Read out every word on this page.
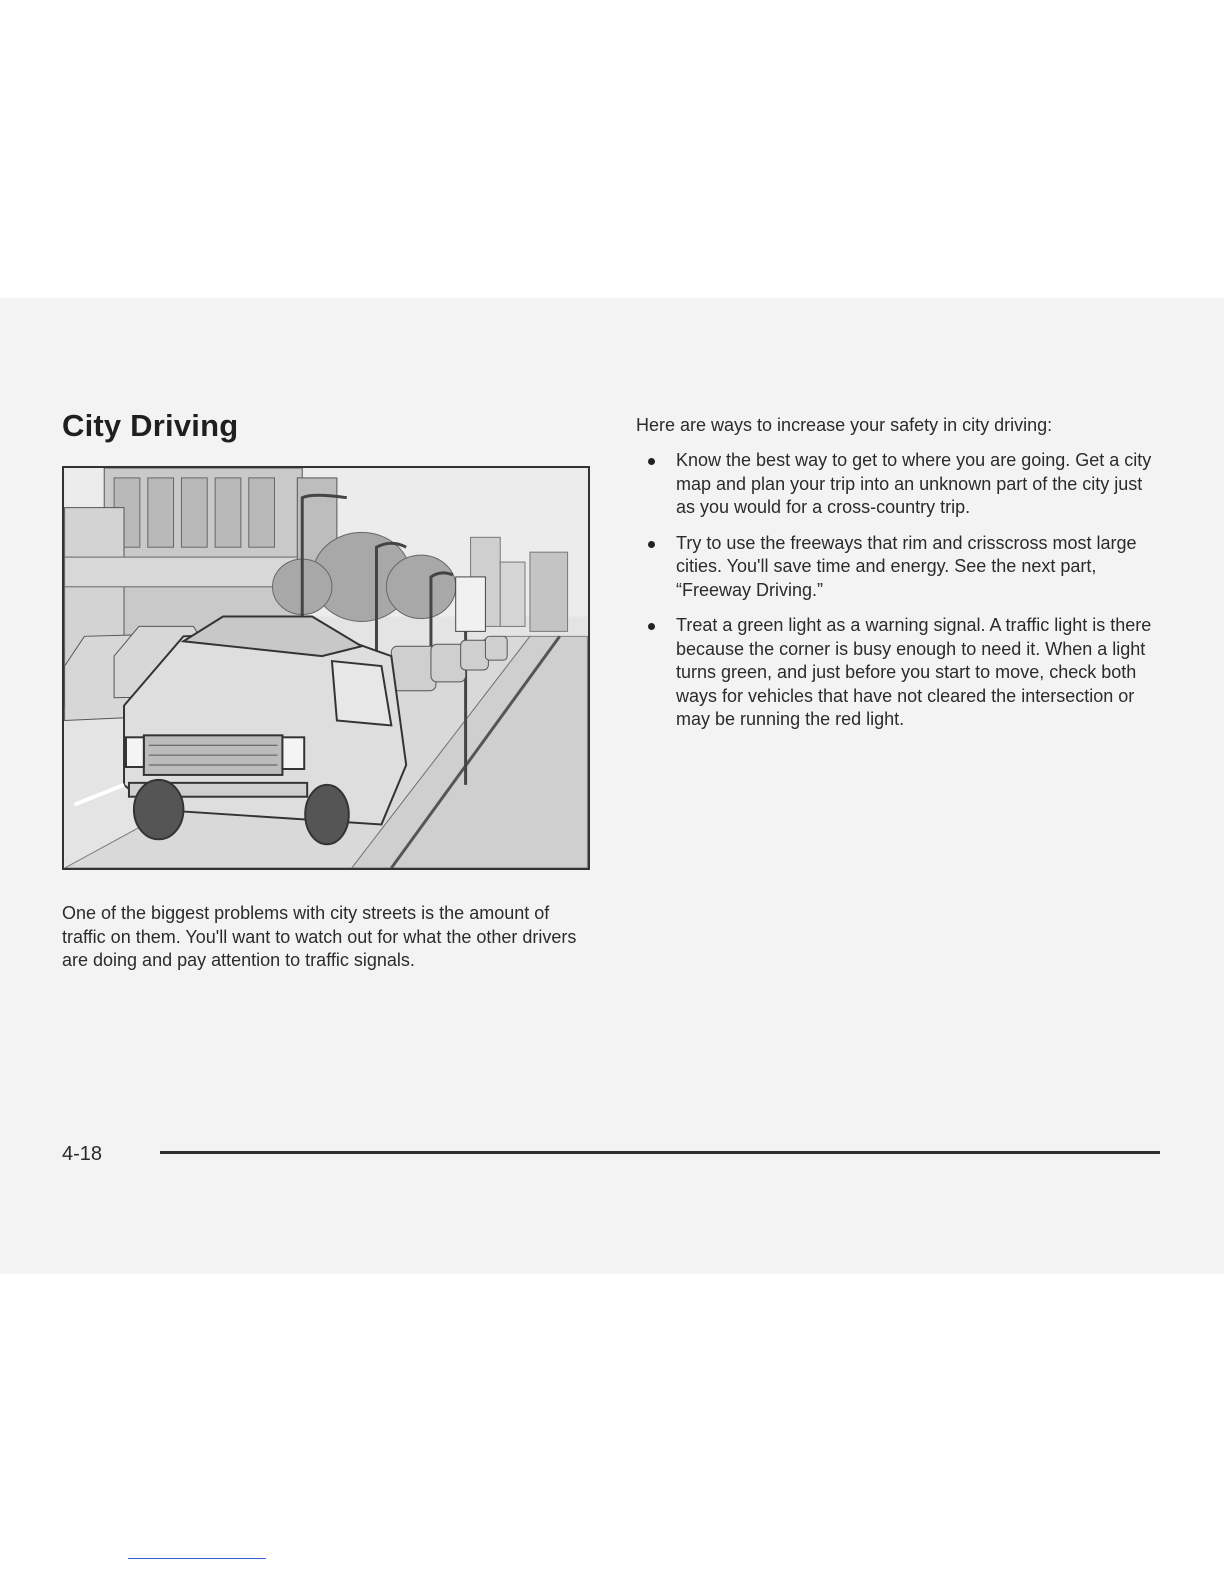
City Driving

One of the biggest problems with city streets is the amount of traffic on them. You'll want to watch out for what the other drivers are doing and pay attention to traffic signals.

Here are ways to increase your safety in city driving:

Know the best way to get to where you are going. Get a city map and plan your trip into an unknown part of the city just as you would for a cross-country trip.
Try to use the freeways that rim and crisscross most large cities. You'll save time and energy. See the next part, “Freeway Driving.”
Treat a green light as a warning signal. A traffic light is there because the corner is busy enough to need it. When a light turns green, and just before you start to move, check both ways for vehicles that have not cleared the intersection or may be running the red light.
4-18
